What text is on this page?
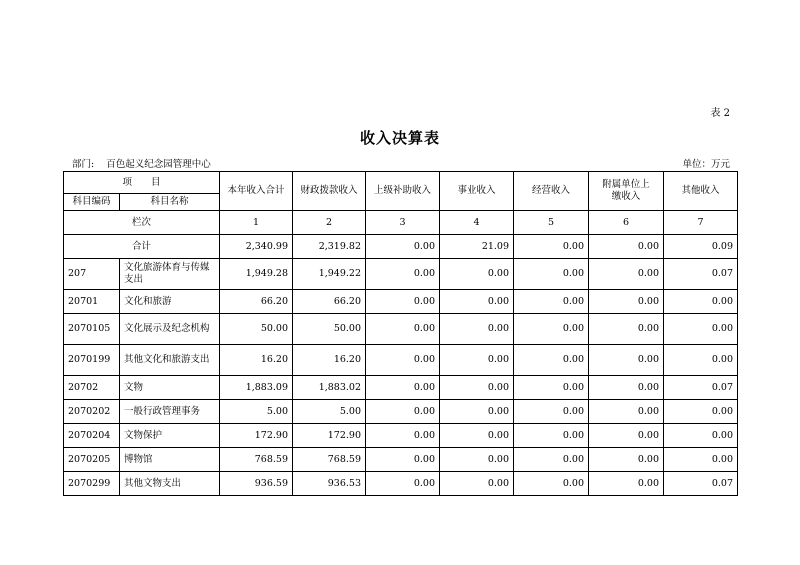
表 2
收入决算表
部门: 百色起义纪念园管理中心	单位：万元
项　　目		本年收入合计	财政拨款收入	上级补助收入	事业收入	经营收入	附属单位上缴收入	其他收入
科目编码	科目名称							
栏次		1	2	3	4	5	6	7
合计		2,340.99	2,319.82	0.00	21.09	0.00	0.00	0.09
207	文化旅游体育与传媒支出	1,949.28	1,949.22	0.00	0.00	0.00	0.00	0.07
20701	文化和旅游	66.20	66.20	0.00	0.00	0.00	0.00	0.00
2070105	文化展示及纪念机构	50.00	50.00	0.00	0.00	0.00	0.00	0.00
2070199	其他文化和旅游支出	16.20	16.20	0.00	0.00	0.00	0.00	0.00
20702	文物	1,883.09	1,883.02	0.00	0.00	0.00	0.00	0.07
2070202	一般行政管理事务	5.00	5.00	0.00	0.00	0.00	0.00	0.00
2070204	文物保护	172.90	172.90	0.00	0.00	0.00	0.00	0.00
2070205	博物馆	768.59	768.59	0.00	0.00	0.00	0.00	0.00
2070299	其他文物支出	936.59	936.53	0.00	0.00	0.00	0.00	0.07
